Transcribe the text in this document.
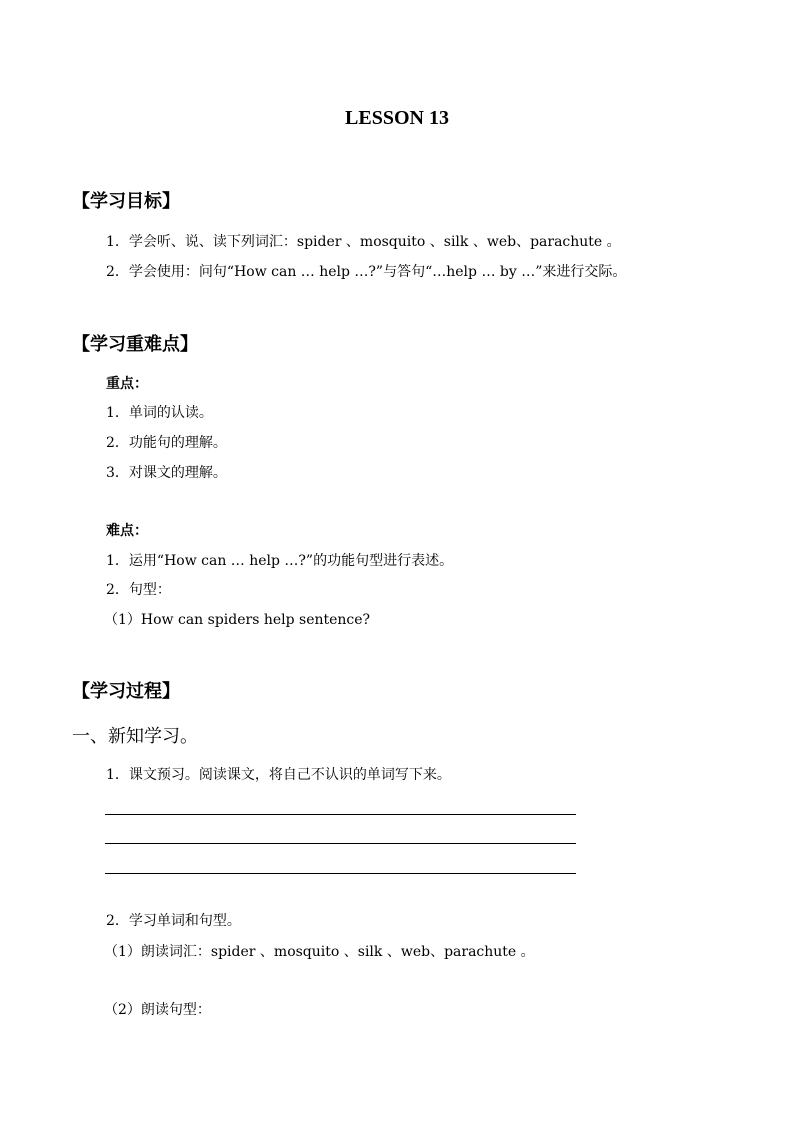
LESSON 13
【学习目标】
1．学会听、说、读下列词汇：spider 、mosquito 、silk 、web、parachute 。
2．学会使用：问句“How can … help …?”与答句“…help … by …”来进行交际。
【学习重难点】
重点：
1．单词的认读。
2．功能句的理解。
3．对课文的理解。
难点：
1．运用“How can … help …?”的功能句型进行表述。
2．句型：
（1）How can spiders help sentence?
【学习过程】
一、新知学习。
1．课文预习。阅读课文，将自己不认识的单词写下来。
2．学习单词和句型。
（1）朗读词汇：spider 、mosquito 、silk 、web、parachute 。
（2）朗读句型：
